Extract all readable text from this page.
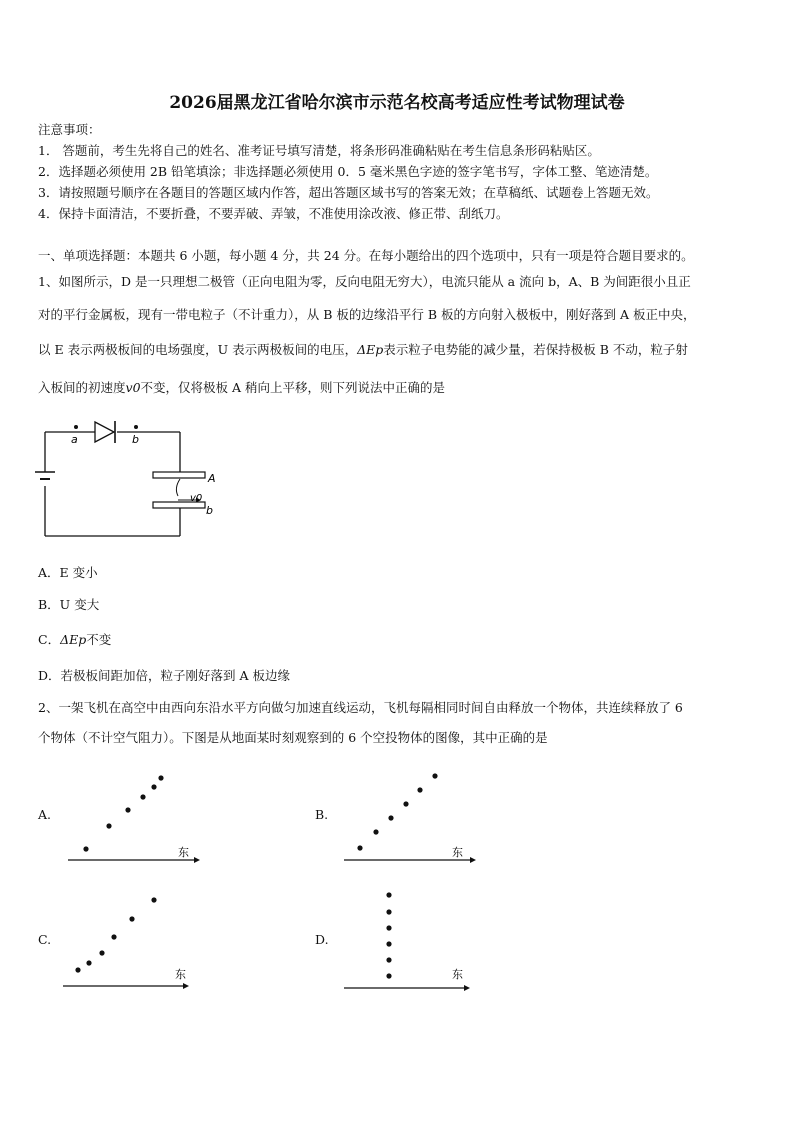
2026届黑龙江省哈尔滨市示范名校高考适应性考试物理试卷
注意事项：
1． 答题前，考生先将自己的姓名、准考证号填写清楚，将条形码准确粘贴在考生信息条形码粘贴区。
2．选择题必须使用 2B 铅笔填涂；非选择题必须使用 0．5 毫米黑色字迹的签字笔书写，字体工整、笔迹清楚。
3．请按照题号顺序在各题目的答题区域内作答，超出答题区域书写的答案无效；在草稿纸、试题卷上答题无效。
4．保持卡面清洁，不要折叠，不要弄破、弄皱，不准使用涂改液、修正带、刮纸刀。
一、单项选择题：本题共 6 小题，每小题 4 分，共 24 分。在每小题给出的四个选项中，只有一项是符合题目要求的。
1、如图所示，D 是一只理想二极管（正向电阻为零，反向电阻无穷大），电流只能从 a 流向 b，A、B 为间距很小且正
对的平行金属板，现有一带电粒子（不计重力），从 B 板的边缘沿平行 B 板的方向射入极板中，刚好落到 A 板正中央，
以 E 表示两极板间的电场强度，U 表示两极板间的电压，ΔEp表示粒子电势能的减少量，若保持极板 B 不动，粒子射
入板间的初速度v0不变，仅将极板 A 稍向上平移，则下列说法中正确的是
a	b
A
b
v0
A．E 变小
B．U 变大
C．ΔEp不变
D．若极板间距加倍，粒子刚好落到 A 板边缘
2、一架飞机在高空中由西向东沿水平方向做匀加速直线运动，飞机每隔相同时间自由释放一个物体，共连续释放了 6
个物体（不计空气阻力）。下图是从地面某时刻观察到的 6 个空投物体的图像，其中正确的是
A.
东
B.
东
C.
东
D.
东
